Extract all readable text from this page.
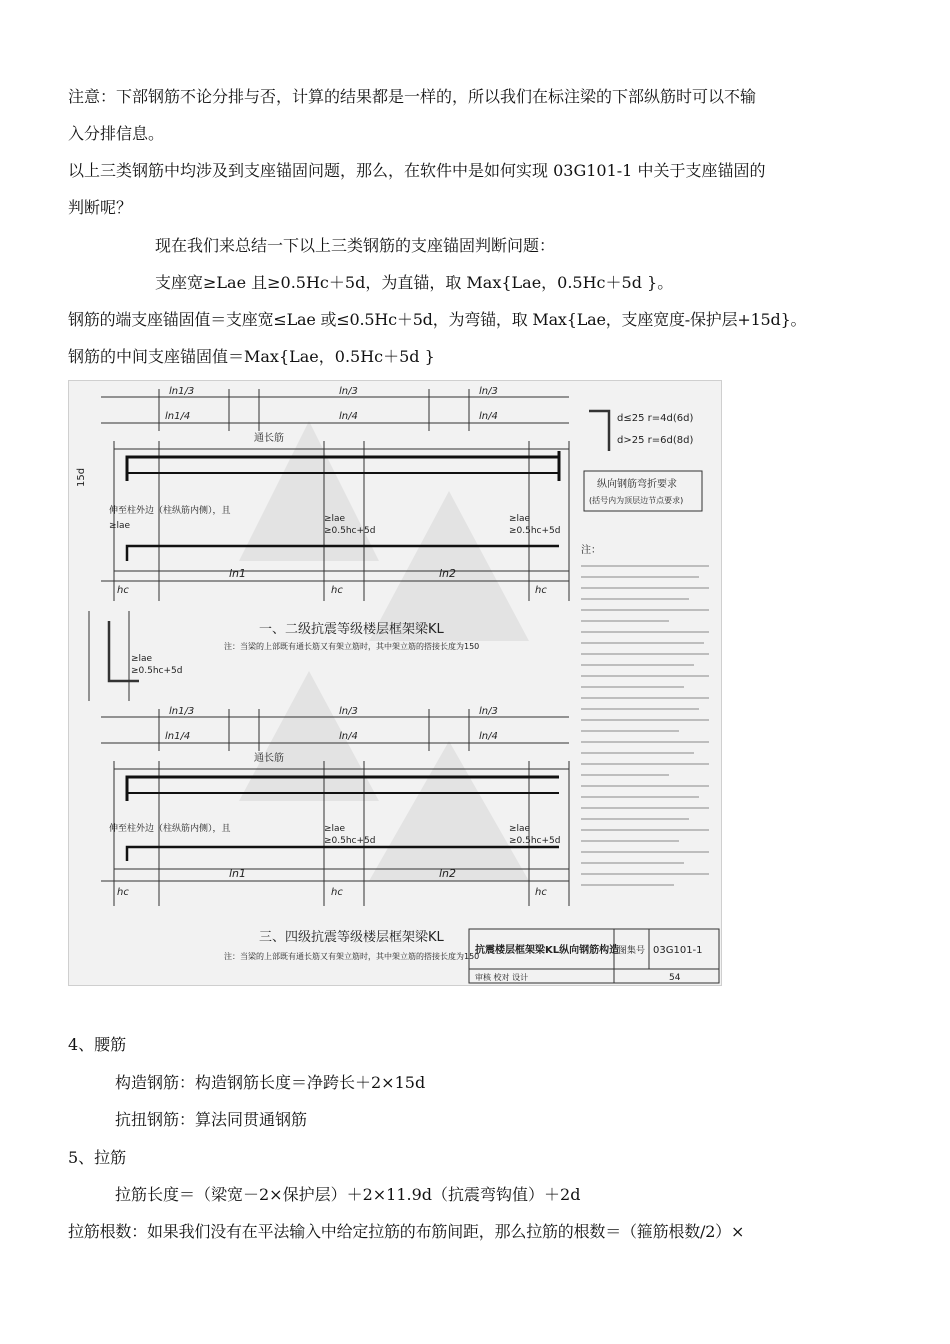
注意：下部钢筋不论分排与否，计算的结果都是一样的，所以我们在标注梁的下部纵筋时可以不输
入分排信息。
以上三类钢筋中均涉及到支座锚固问题，那么，在软件中是如何实现 03G101-1 中关于支座锚固的
判断呢？
现在我们来总结一下以上三类钢筋的支座锚固判断问题：
支座宽≥Lae 且≥0.5Hc＋5d，为直锚，取 Max{Lae，0.5Hc＋5d }。
钢筋的端支座锚固值＝支座宽≤Lae 或≤0.5Hc＋5d，为弯锚，取 Max{Lae，支座宽度-保护层+15d}。
钢筋的中间支座锚固值＝Max{Lae，0.5Hc＋5d }
ln1/3
ln1/4
ln/3
ln/4
ln/3
ln/4
通长筋
15d
伸至柱外边（柱纵筋内侧），且
≥lae
≥lae
≥0.5hc+5d
≥lae
≥0.5hc+5d
ln1	ln2
hc	hc	hc
d≤25 r=4d(6d)
d>25 r=6d(8d)
纵向钢筋弯折要求
(括号内为顶层边节点要求)
注：
一、二级抗震等级楼层框架梁KL
注：当梁的上部既有通长筋又有架立筋时，其中架立筋的搭接长度为150
≥lae
≥0.5hc+5d
ln1/3
ln1/4
ln/3
ln/4
ln/3
ln/4
通长筋
伸至柱外边（柱纵筋内侧），且	≥lae
≥0.5hc+5d
≥lae
≥0.5hc+5d
ln1	ln2
hc	hc	hc
三、四级抗震等级楼层框架梁KL
注：当梁的上部既有通长筋又有架立筋时，其中架立筋的搭接长度为150
抗震楼层框架梁KL纵向钢筋构造
图集号 03G101-1
审核 校对 设计	54
4、腰筋
构造钢筋：构造钢筋长度＝净跨长＋2×15d
抗扭钢筋：算法同贯通钢筋
5、拉筋
拉筋长度＝（梁宽－2×保护层）＋2×11.9d（抗震弯钩值）＋2d
拉筋根数：如果我们没有在平法输入中给定拉筋的布筋间距，那么拉筋的根数＝（箍筋根数/2）×
